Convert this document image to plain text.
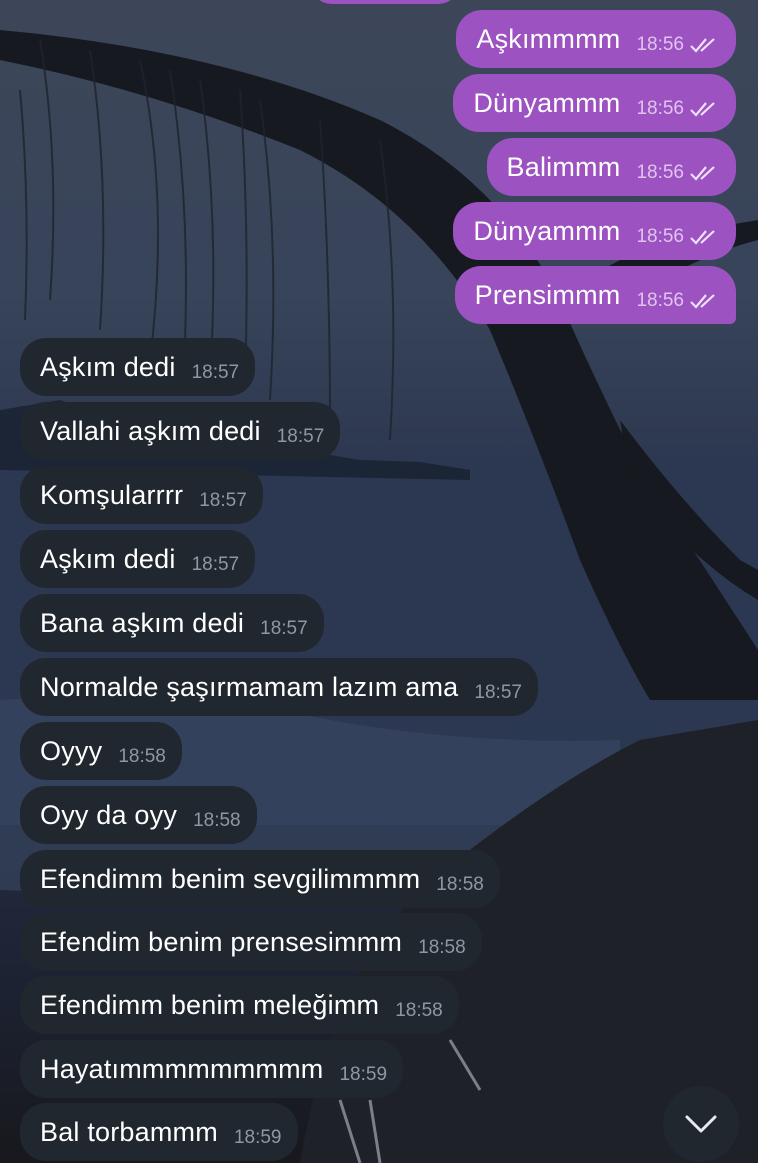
Aşkımmmm 18:56
Dünyammm 18:56
Balimmm 18:56
Dünyammm 18:56
Prensimmm 18:56
Aşkım dedi 18:57
Vallahi aşkım dedi 18:57
Komşularrrr 18:57
Aşkım dedi 18:57
Bana aşkım dedi 18:57
Normalde şaşırmamam lazım ama 18:57
Oyyy 18:58
Oyy da oyy 18:58
Efendimm benim sevgilimmmm 18:58
Efendim benim prensesimmm 18:58
Efendimm benim meleğimm 18:58
Hayatımmmmmmmmm 18:59
Bal torbammm 18:59
